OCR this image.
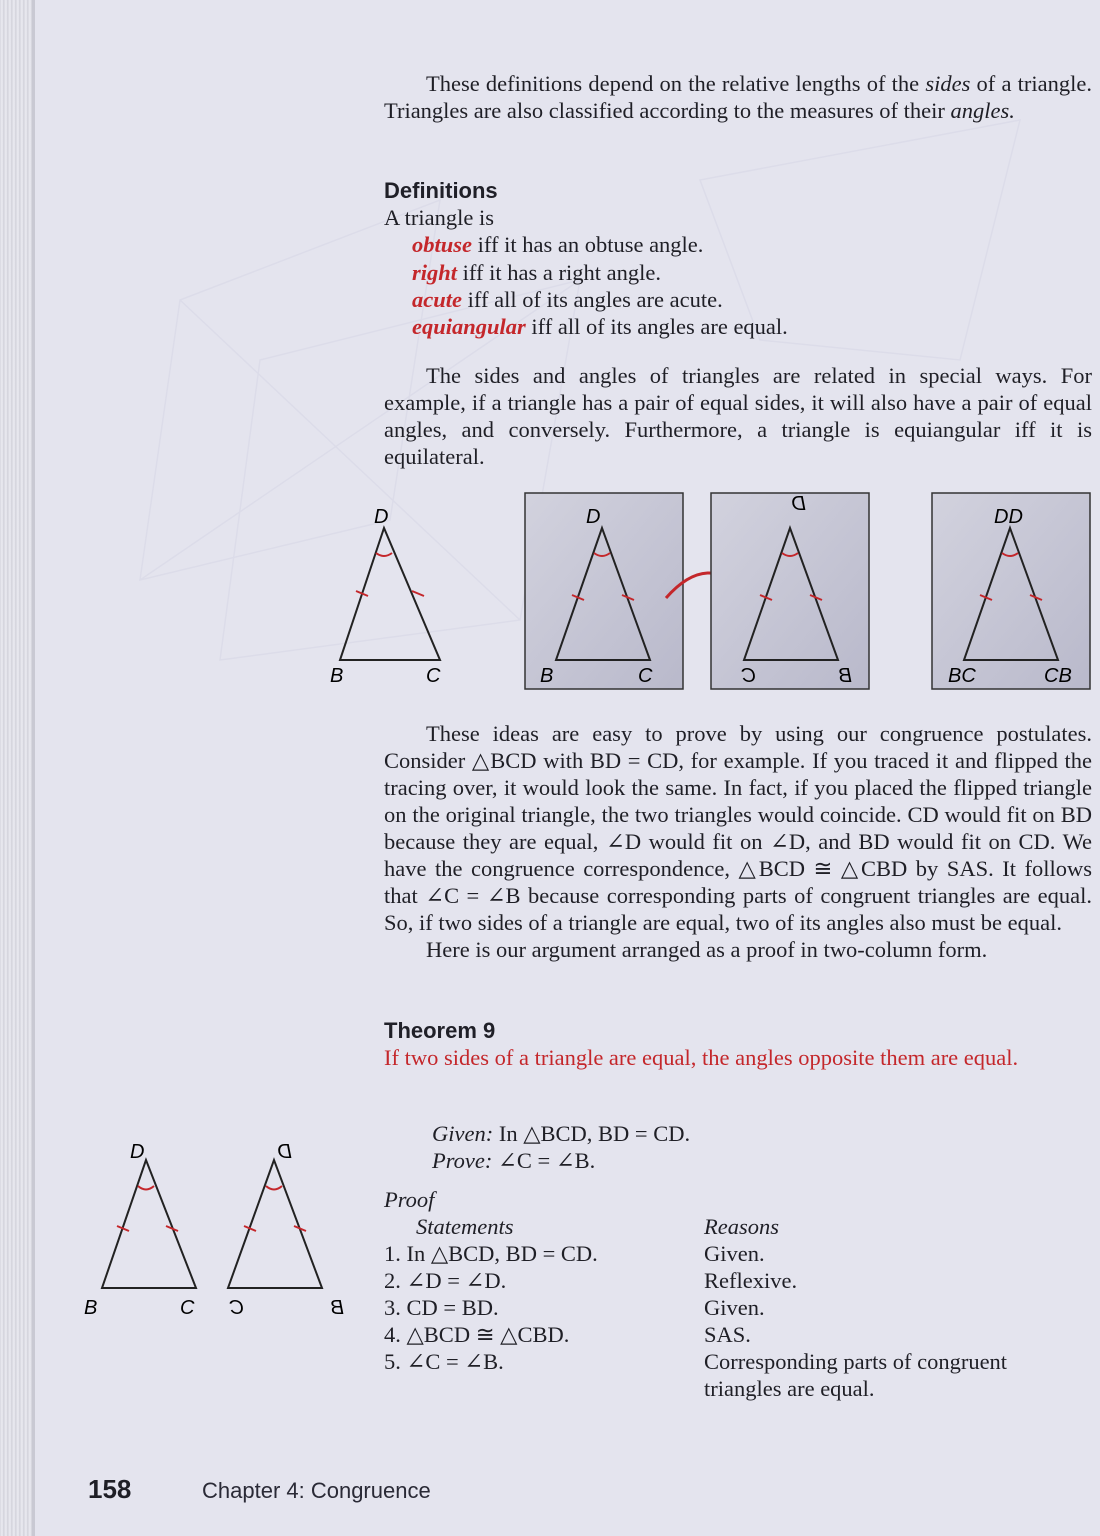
These definitions depend on the relative lengths of the sides of a triangle. Triangles are also classified according to the measures of their angles.

Definitions
A triangle is
obtuse iff it has an obtuse angle.
right iff it has a right angle.
acute iff all of its angles are acute.
equiangular iff all of its angles are equal.

The sides and angles of triangles are related in special ways. For example, if a triangle has a pair of equal sides, it will also have a pair of equal angles, and conversely. Furthermore, a triangle is equiangular iff it is equilateral.

D
B	C
D
B	C
D
C	B
DD
BC	CB

These ideas are easy to prove by using our congruence postulates. Consider △BCD with BD = CD, for example. If you traced it and flipped the tracing over, it would look the same. In fact, if you placed the flipped triangle on the original triangle, the two triangles would coincide. CD would fit on BD because they are equal, ∠D would fit on ∠D, and BD would fit on CD. We have the congruence correspondence, △BCD ≅ △CBD by SAS. It follows that ∠C = ∠B because corresponding parts of congruent triangles are equal. So, if two sides of a triangle are equal, two of its angles also must be equal.

Here is our argument arranged as a proof in two-column form.

Theorem 9
If two sides of a triangle are equal, the angles opposite them are equal.
Given: In △BCD, BD = CD.
Prove: ∠C = ∠B.
D
B	C
D
C	B
Proof
Statements	Reasons
1. In △BCD, BD = CD.	Given.
2. ∠D = ∠D.	Reflexive.
3. CD = BD.	Given.
4. △BCD ≅ △CBD.	SAS.
5. ∠C = ∠B.	Corresponding parts of congruent
triangles are equal.
158	Chapter 4: Congruence
